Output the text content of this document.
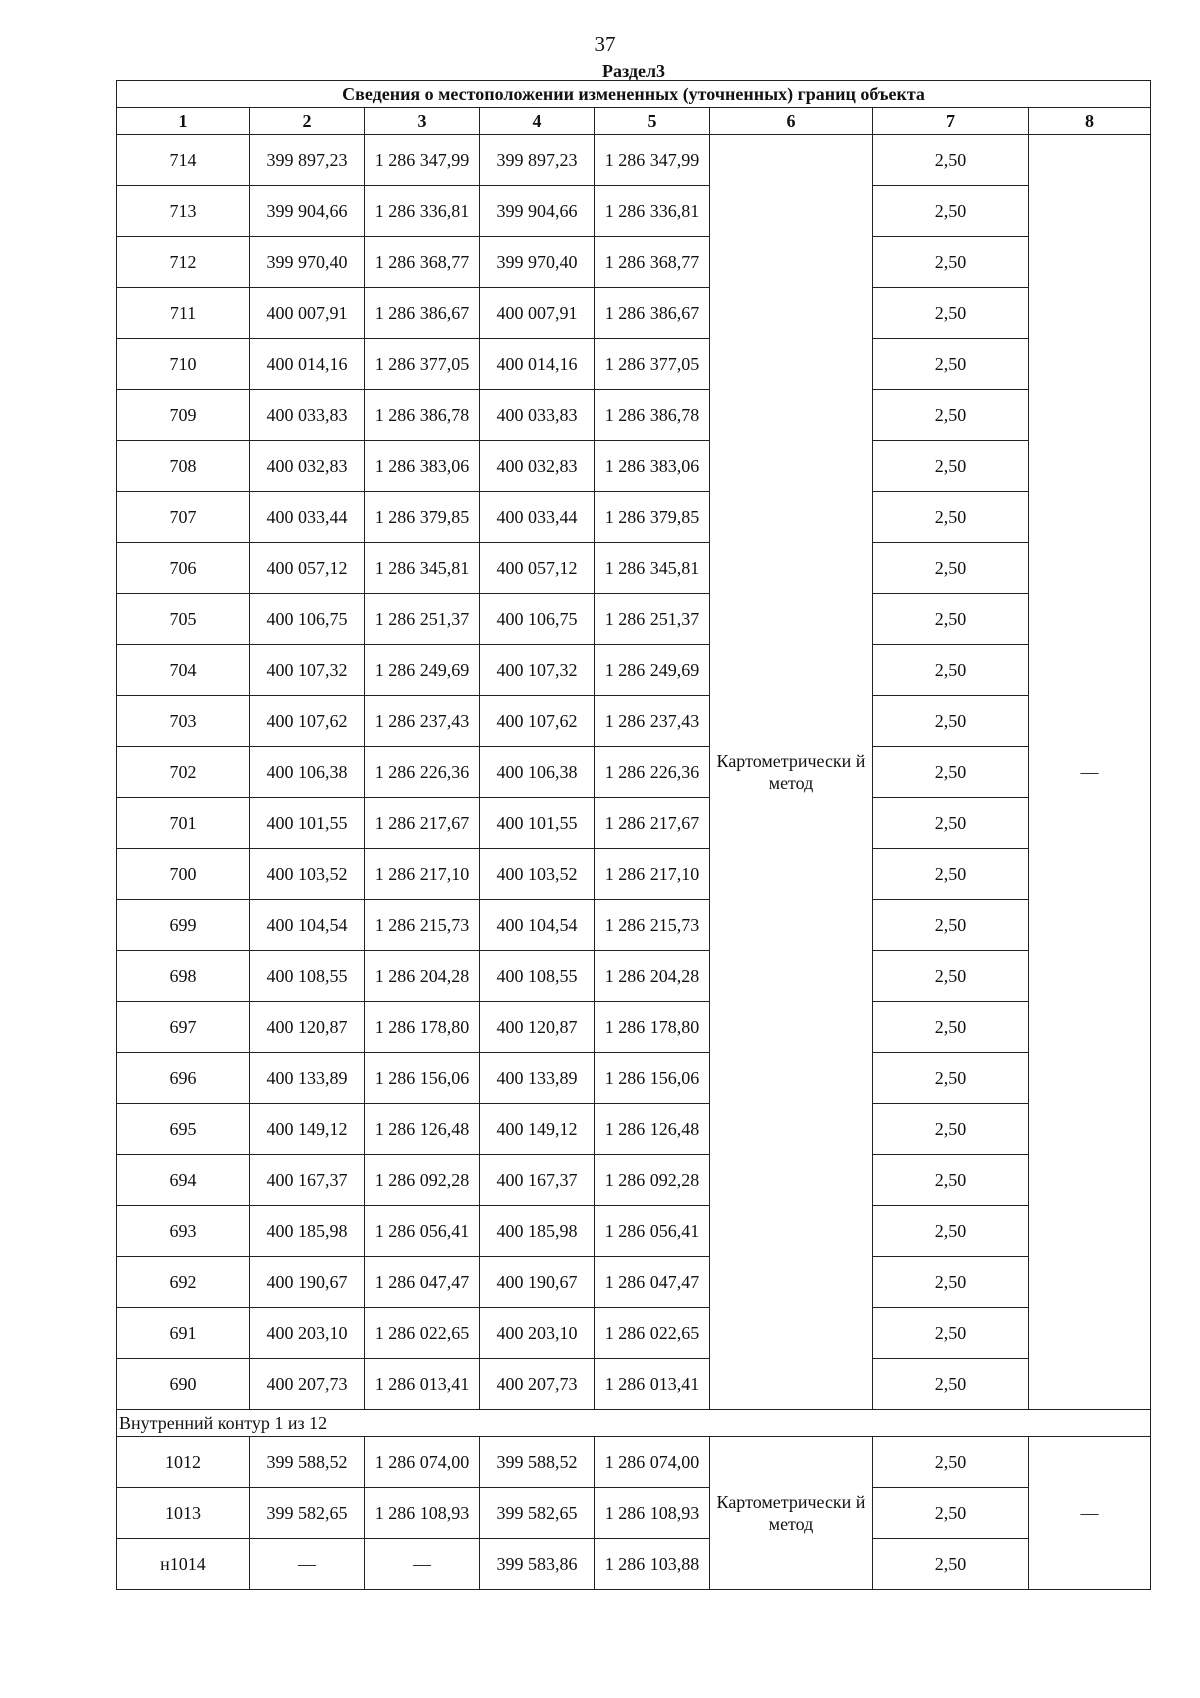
37
Раздел3
Сведения о местоположении измененных (уточненных) границ объекта							
1	2	3	4	5	6	7	8
714	399 897,23	1 286 347,99	399 897,23	1 286 347,99	Картометрически й метод	2,50	—
713	399 904,66	1 286 336,81	399 904,66	1 286 336,81		2,50	
712	399 970,40	1 286 368,77	399 970,40	1 286 368,77		2,50	
711	400 007,91	1 286 386,67	400 007,91	1 286 386,67		2,50	
710	400 014,16	1 286 377,05	400 014,16	1 286 377,05		2,50	
709	400 033,83	1 286 386,78	400 033,83	1 286 386,78		2,50	
708	400 032,83	1 286 383,06	400 032,83	1 286 383,06		2,50	
707	400 033,44	1 286 379,85	400 033,44	1 286 379,85		2,50	
706	400 057,12	1 286 345,81	400 057,12	1 286 345,81		2,50	
705	400 106,75	1 286 251,37	400 106,75	1 286 251,37		2,50	
704	400 107,32	1 286 249,69	400 107,32	1 286 249,69		2,50	
703	400 107,62	1 286 237,43	400 107,62	1 286 237,43		2,50	
702	400 106,38	1 286 226,36	400 106,38	1 286 226,36		2,50	
701	400 101,55	1 286 217,67	400 101,55	1 286 217,67		2,50	
700	400 103,52	1 286 217,10	400 103,52	1 286 217,10		2,50	
699	400 104,54	1 286 215,73	400 104,54	1 286 215,73		2,50	
698	400 108,55	1 286 204,28	400 108,55	1 286 204,28		2,50	
697	400 120,87	1 286 178,80	400 120,87	1 286 178,80		2,50	
696	400 133,89	1 286 156,06	400 133,89	1 286 156,06		2,50	
695	400 149,12	1 286 126,48	400 149,12	1 286 126,48		2,50	
694	400 167,37	1 286 092,28	400 167,37	1 286 092,28		2,50	
693	400 185,98	1 286 056,41	400 185,98	1 286 056,41		2,50	
692	400 190,67	1 286 047,47	400 190,67	1 286 047,47		2,50	
691	400 203,10	1 286 022,65	400 203,10	1 286 022,65		2,50	
690	400 207,73	1 286 013,41	400 207,73	1 286 013,41		2,50	
Внутренний контур 1 из 12							
1012	399 588,52	1 286 074,00	399 588,52	1 286 074,00	Картометрически й метод	2,50	—
1013	399 582,65	1 286 108,93	399 582,65	1 286 108,93		2,50	
н1014	—	—	399 583,86	1 286 103,88		2,50	
